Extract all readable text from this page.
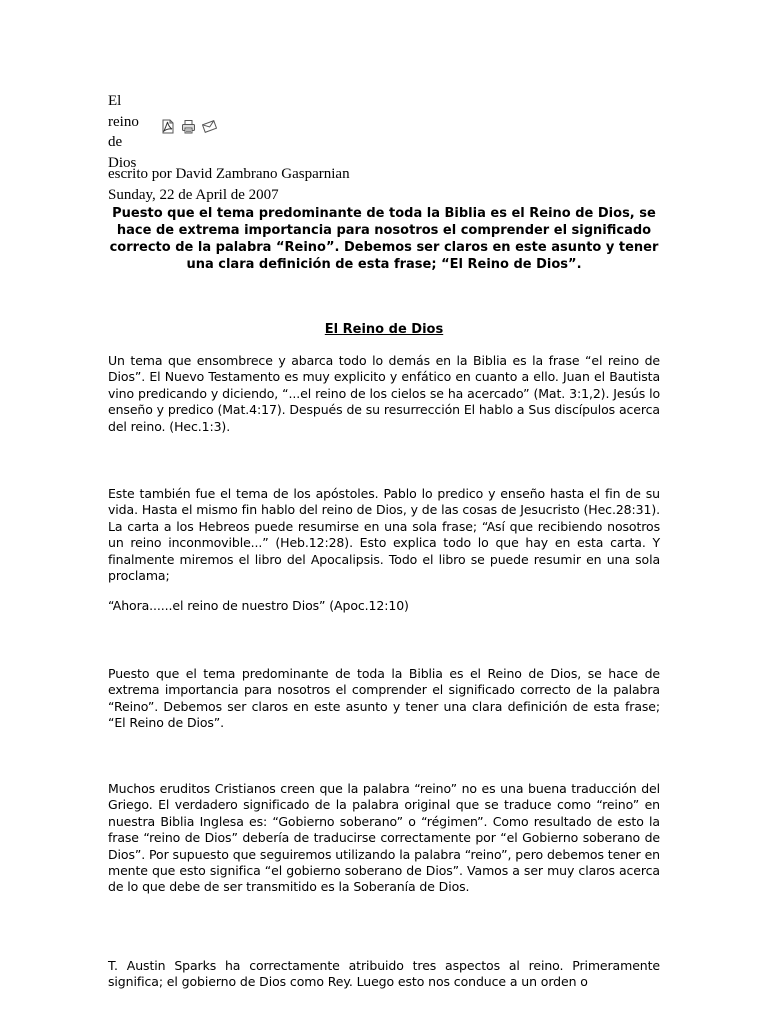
El
reino
de
Dios
escrito por David Zambrano Gasparnian
Sunday, 22 de April de 2007
Puesto que el tema predominante de toda la Biblia es el Reino de Dios, se hace de extrema importancia para nosotros el comprender el significado correcto de la palabra “Reino”. Debemos ser claros en este asunto y tener una clara definición de esta frase; “El Reino de Dios”.
El Reino de Dios

Un tema que ensombrece y abarca todo lo demás en la Biblia es la frase “el reino de Dios”. El Nuevo Testamento es muy explicito y enfático en cuanto a ello. Juan el Bautista vino predicando y diciendo, “...el reino de los cielos se ha acercado” (Mat. 3:1,2). Jesús lo enseño y predico (Mat.4:17). Después de su resurrección El hablo a Sus discípulos acerca del reino. (Hec.1:3).

Este también fue el tema de los apóstoles. Pablo lo predico y enseño hasta el fin de su vida. Hasta el mismo fin hablo del reino de Dios, y de las cosas de Jesucristo (Hec.28:31). La carta a los Hebreos puede resumirse en una sola frase; “Así que recibiendo nosotros un reino inconmovible...” (Heb.12:28). Esto explica todo lo que hay en esta carta. Y finalmente miremos el libro del Apocalipsis. Todo el libro se puede resumir en una sola proclama;

“Ahora......el reino de nuestro Dios” (Apoc.12:10)

Puesto que el tema predominante de toda la Biblia es el Reino de Dios, se hace de extrema importancia para nosotros el comprender el significado correcto de la palabra “Reino”. Debemos ser claros en este asunto y tener una clara definición de esta frase; “El Reino de Dios”.

Muchos eruditos Cristianos creen que la palabra “reino” no es una buena traducción del Griego. El verdadero significado de la palabra original que se traduce como “reino” en nuestra Biblia Inglesa es: “Gobierno soberano” o “régimen”. Como resultado de esto la frase “reino de Dios” debería de traducirse correctamente por “el Gobierno soberano de Dios”. Por supuesto que seguiremos utilizando la palabra “reino”, pero debemos tener en mente que esto significa “el gobierno soberano de Dios”. Vamos a ser muy claros acerca de lo que debe de ser transmitido es la Soberanía de Dios.

T. Austin Sparks ha correctamente atribuido tres aspectos al reino. Primeramente significa; el gobierno de Dios como Rey. Luego esto nos conduce a un orden o
